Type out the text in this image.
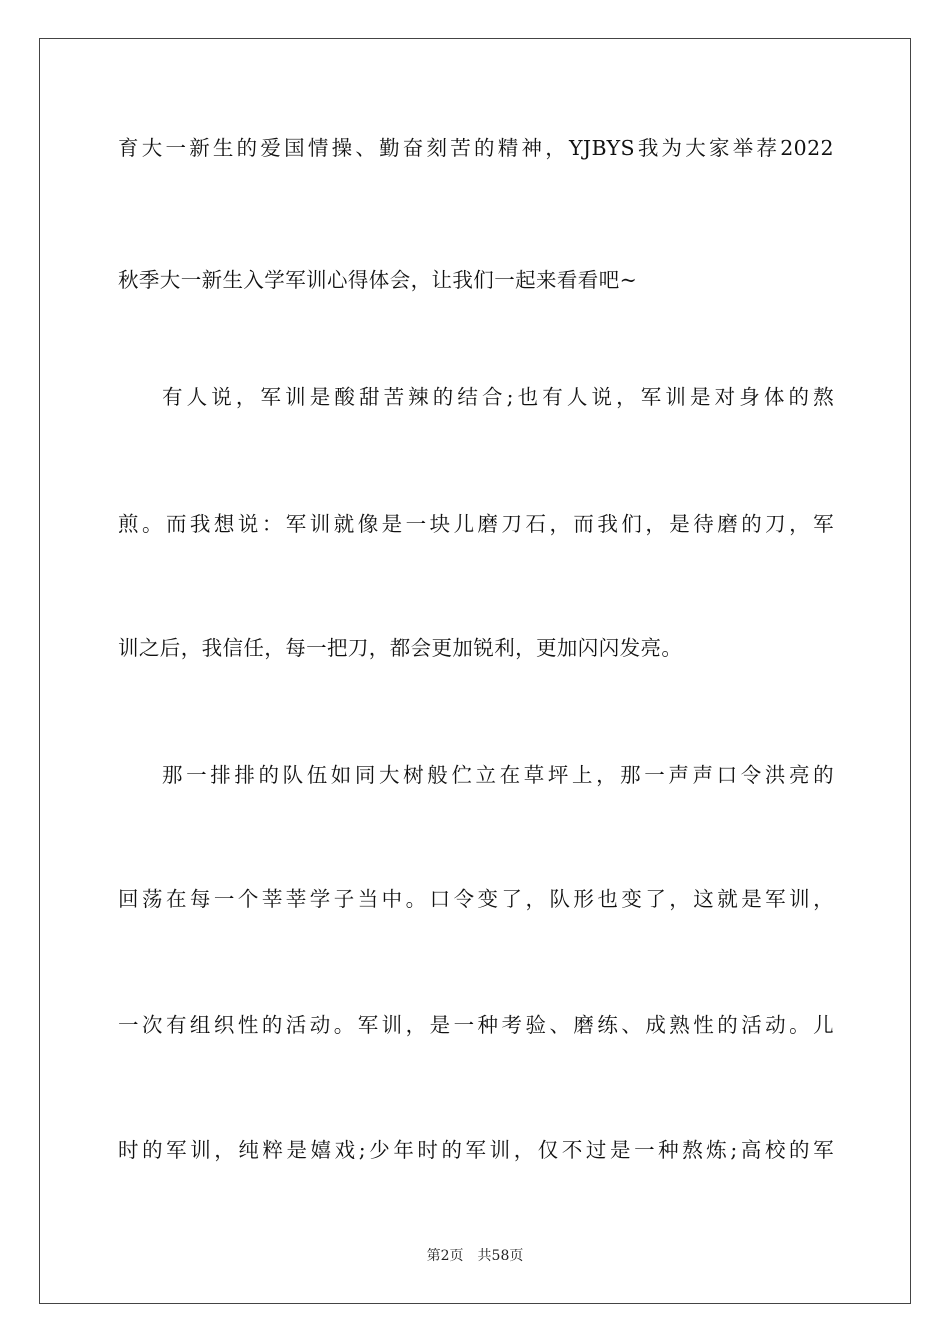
育大一新生的爱国情操、勤奋刻苦的精神，YJBYS我为大家举荐2022
秋季大一新生入学军训心得体会，让我们一起来看看吧~
有人说，军训是酸甜苦辣的结合;也有人说，军训是对身体的熬
煎。而我想说：军训就像是一块儿磨刀石，而我们，是待磨的刀，军
训之后，我信任，每一把刀，都会更加锐利，更加闪闪发亮。
那一排排的队伍如同大树般伫立在草坪上，那一声声口令洪亮的
回荡在每一个莘莘学子当中。口令变了，队形也变了，这就是军训，
一次有组织性的活动。军训，是一种考验、磨练、成熟性的活动。儿
时的军训，纯粹是嬉戏;少年时的军训，仅不过是一种熬炼;高校的军
第2页 共58页
